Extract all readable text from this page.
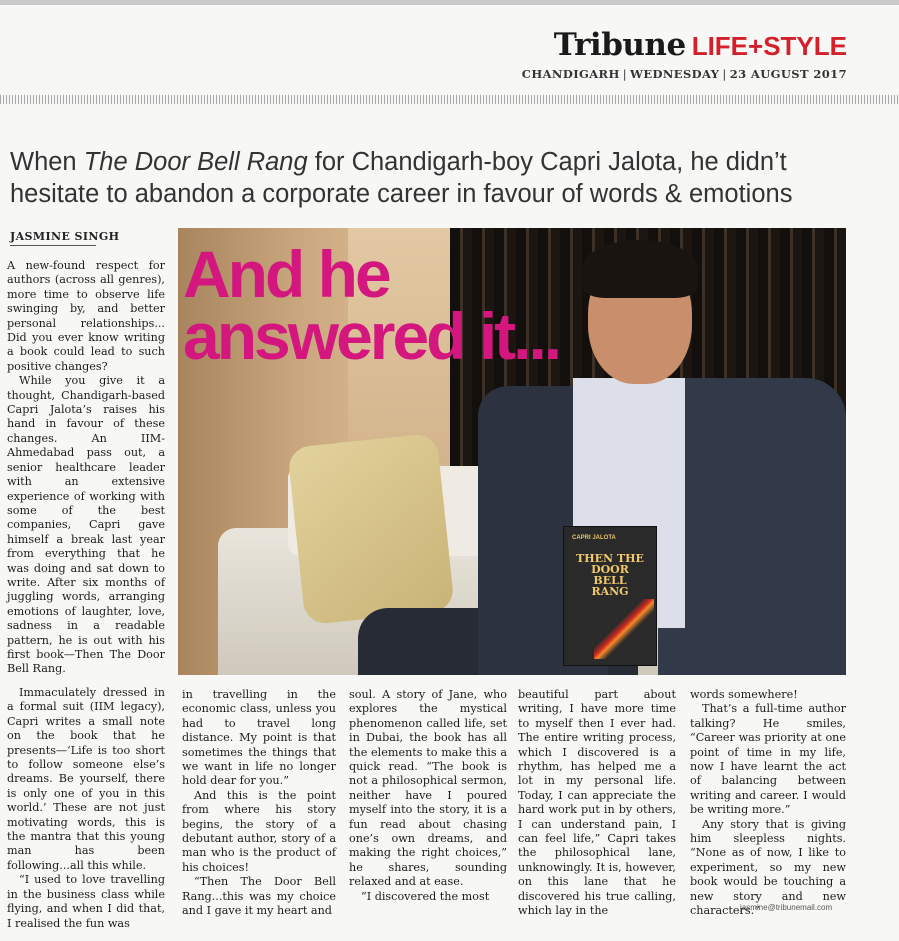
Tribune LIFE+STYLE
CHANDIGARH | WEDNESDAY | 23 AUGUST 2017
When The Door Bell Rang for Chandigarh-boy Capri Jalota, he didn’t hesitate to abandon a corporate career in favour of words & emotions
JASMINE SINGH
CAPRI JALOTA
THEN THE
DOOR
BELL
RANG
And he
answered it...

A new-found respect for authors (across all genres), more time to observe life swinging by, and better personal relationships... Did you ever know writing a book could lead to such positive changes?

While you give it a thought, Chandigarh-based Capri Jalota’s raises his hand in favour of these changes. An IIM-Ahmedabad pass out, a senior healthcare leader with an extensive experience of working with some of the best companies, Capri gave himself a break last year from everything that he was doing and sat down to write. After six months of juggling words, arranging emotions of laughter, love, sadness in a readable pattern, he is out with his first book—Then The Door Bell Rang.

Immaculately dressed in a formal suit (IIM legacy), Capri writes a small note on the book that he presents—‘Life is too short to follow someone else’s dreams. Be yourself, there is only one of you in this world.’ These are not just motivating words, this is the mantra that this young man has been following...all this while.

“I used to love travelling in the business class while flying, and when I did that, I realised the fun was

in travelling in the economic class, unless you had to travel long distance. My point is that sometimes the things that we want in life no longer hold dear for you.”

And this is the point from where his story begins, the story of a debutant author, story of a man who is the product of his choices!

“Then The Door Bell Rang...this was my choice and I gave it my heart and

soul. A story of Jane, who explores the mystical phenomenon called life, set in Dubai, the book has all the elements to make this a quick read. “The book is not a philosophical sermon, neither have I poured myself into the story, it is a fun read about chasing one’s own dreams, and making the right choices,” he shares, sounding relaxed and at ease.

“I discovered the most

beautiful part about writing, I have more time to myself then I ever had. The entire writing process, which I discovered is a rhythm, has helped me a lot in my personal life. Today, I can appreciate the hard work put in by others, I can understand pain, I can feel life,” Capri takes the philosophical lane, unknowingly. It is, however, on this lane that he discovered his true calling, which lay in the

words somewhere!

That’s a full-time author talking? He smiles, “Career was priority at one point of time in my life, now I have learnt the act of balancing between writing and career. I would be writing more.”

Any story that is giving him sleepless nights. “None as of now, I like to experiment, so my new book would be touching a new story and new characters.”

jasmine@tribunemail.com
